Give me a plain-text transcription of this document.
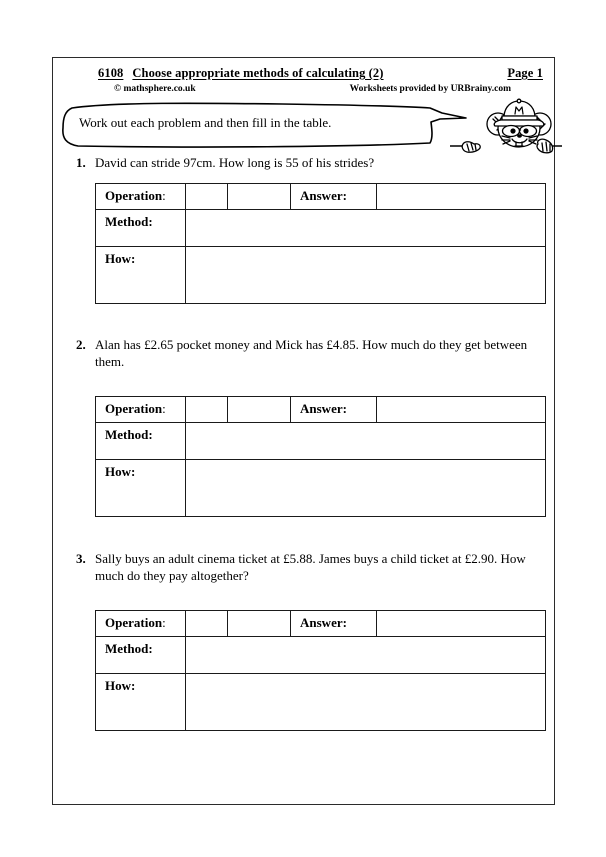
6108 Choose appropriate methods of calculating (2)	Page 1
© mathsphere.co.uk	Worksheets provided by URBrainy.com
Work out each problem and then fill in the table.
1. David can stride 97cm. How long is 55 of his strides?
Operation:			Answer:	

Method:				

How:				

2. Alan has £2.65 pocket money and Mick has £4.85. How much do they get between them.
Operation:			Answer:	

Method:				

How:				

3. Sally buys an adult cinema ticket at £5.88. James buys a child ticket at £2.90. How much do they pay altogether?
Operation:			Answer:	

Method:				

How:				
